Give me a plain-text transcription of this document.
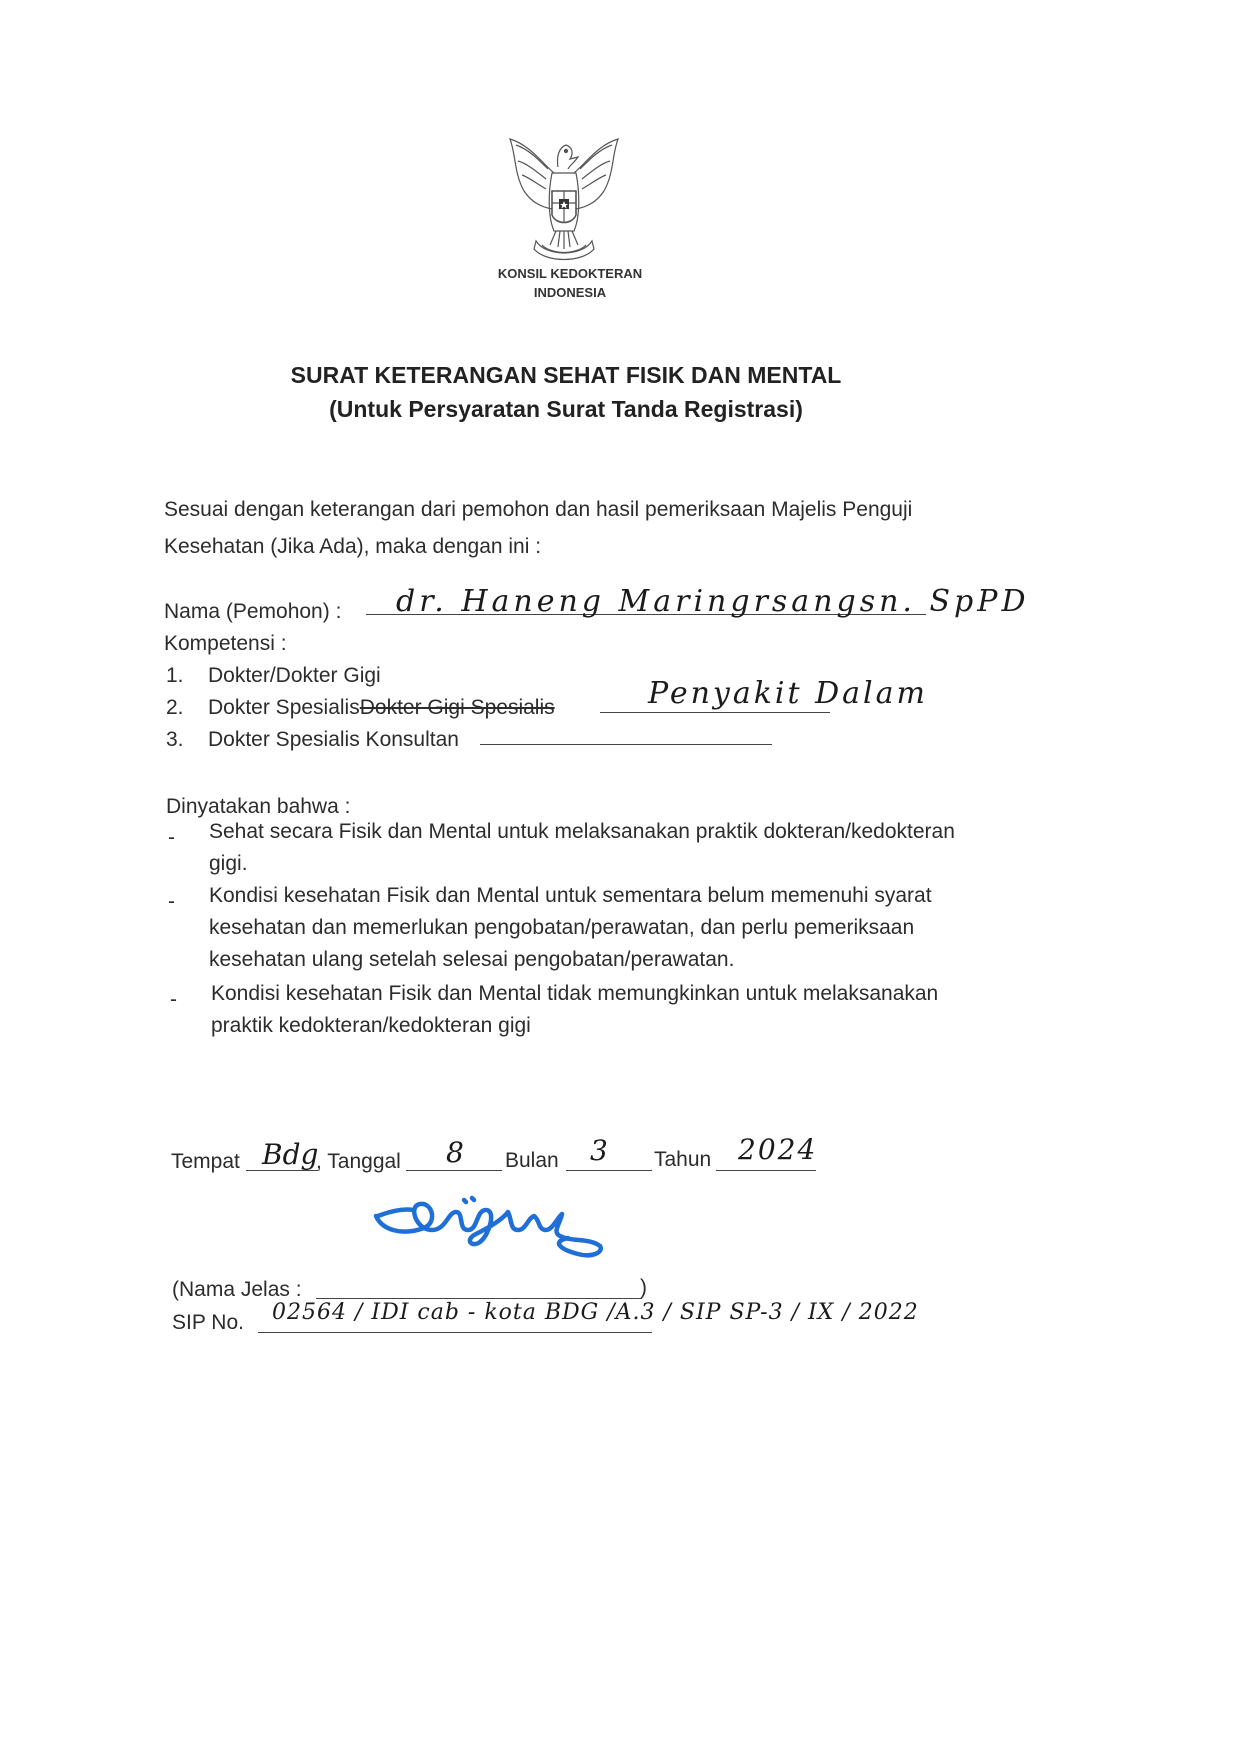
KONSIL KEDOKTERAN
INDONESIA
SURAT KETERANGAN SEHAT FISIK DAN MENTAL
(Untuk Persyaratan Surat Tanda Registrasi)
Sesuai dengan keterangan dari pemohon dan hasil pemeriksaan Majelis Penguji
Kesehatan (Jika Ada), maka dengan ini :
Nama (Pemohon) : dr. Haneng Maringrsangsn. SpPD
Kompetensi :
1. Dokter/Dokter Gigi
2. Dokter SpesialisDokter Gigi Spesialis	Penyakit Dalam
3. Dokter Spesialis Konsultan
Dinyatakan bahwa :
- Sehat secara Fisik dan Mental untuk melaksanakan praktik dokteran/kedokteran
gigi.
- Kondisi kesehatan Fisik dan Mental untuk sementara belum memenuhi syarat
kesehatan dan memerlukan pengobatan/perawatan, dan perlu pemeriksaan
kesehatan ulang setelah selesai pengobatan/perawatan.
- Kondisi kesehatan Fisik dan Mental tidak memungkinkan untuk melaksanakan
praktik kedokteran/kedokteran gigi
Tempat Bdg
, Tanggal 8 Bulan 3 Tahun 2024
(Nama Jelas :	)
SIP No. 02564 / IDI cab - kota BDG /A.3 / SIP SP-3 / IX / 2022
